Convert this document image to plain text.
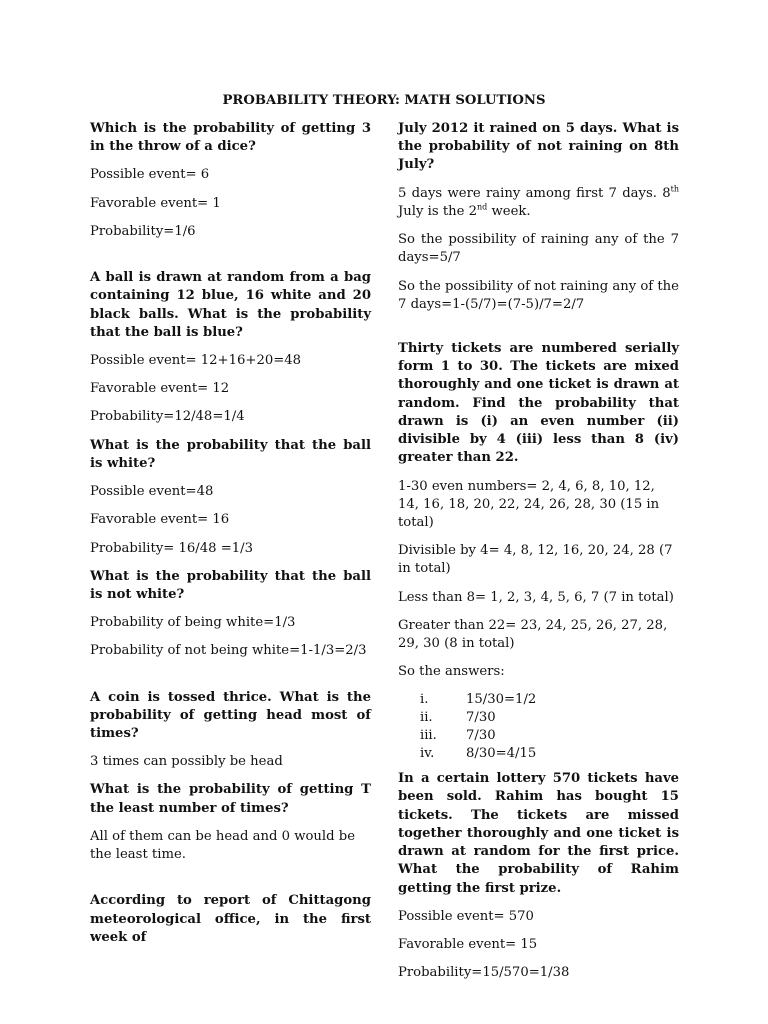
PROBABILITY THEORY: MATH SOLUTIONS

Which is the probability of getting 3 in the throw of a dice?

Possible event= 6

Favorable event= 1

Probability=1/6

A ball is drawn at random from a bag containing 12 blue, 16 white and 20 black balls. What is the probability that the ball is blue?

Possible event= 12+16+20=48

Favorable event= 12

Probability=12/48=1/4

What is the probability that the ball is white?

Possible event=48

Favorable event= 16

Probability= 16/48 =1/3

What is the probability that the ball is not white?

Probability of being white=1/3

Probability of not being white=1-1/3=2/3

A coin is tossed thrice. What is the probability of getting head most of times?

3 times can possibly be head

What is the probability of getting T the least number of times?

All of them can be head and 0 would be the least time.

According to report of Chittagong meteorological office, in the first week of

July 2012 it rained on 5 days. What is the probability of not raining on 8th July?

5 days were rainy among first 7 days. 8th July is the 2nd week.

So the possibility of raining any of the 7 days=5/7

So the possibility of not raining any of the 7 days=1-(5/7)=(7-5)/7=2/7

Thirty tickets are numbered serially form 1 to 30. The tickets are mixed thoroughly and one ticket is drawn at random. Find the probability that drawn is (i) an even number (ii) divisible by 4 (iii) less than 8 (iv) greater than 22.

1-30 even numbers= 2, 4, 6, 8, 10, 12, 14, 16, 18, 20, 22, 24, 26, 28, 30 (15 in total)

Divisible by 4= 4, 8, 12, 16, 20, 24, 28 (7 in total)

Less than 8= 1, 2, 3, 4, 5, 6, 7 (7 in total)

Greater than 22= 23, 24, 25, 26, 27, 28, 29, 30 (8 in total)

So the answers:

i.	15/30=1/2
ii.	7/30
iii.	7/30
iv.	8/30=4/15

In a certain lottery 570 tickets have been sold. Rahim has bought 15 tickets. The tickets are missed together thoroughly and one ticket is drawn at random for the first price. What the probability of Rahim getting the first prize.

Possible event= 570

Favorable event= 15

Probability=15/570=1/38
